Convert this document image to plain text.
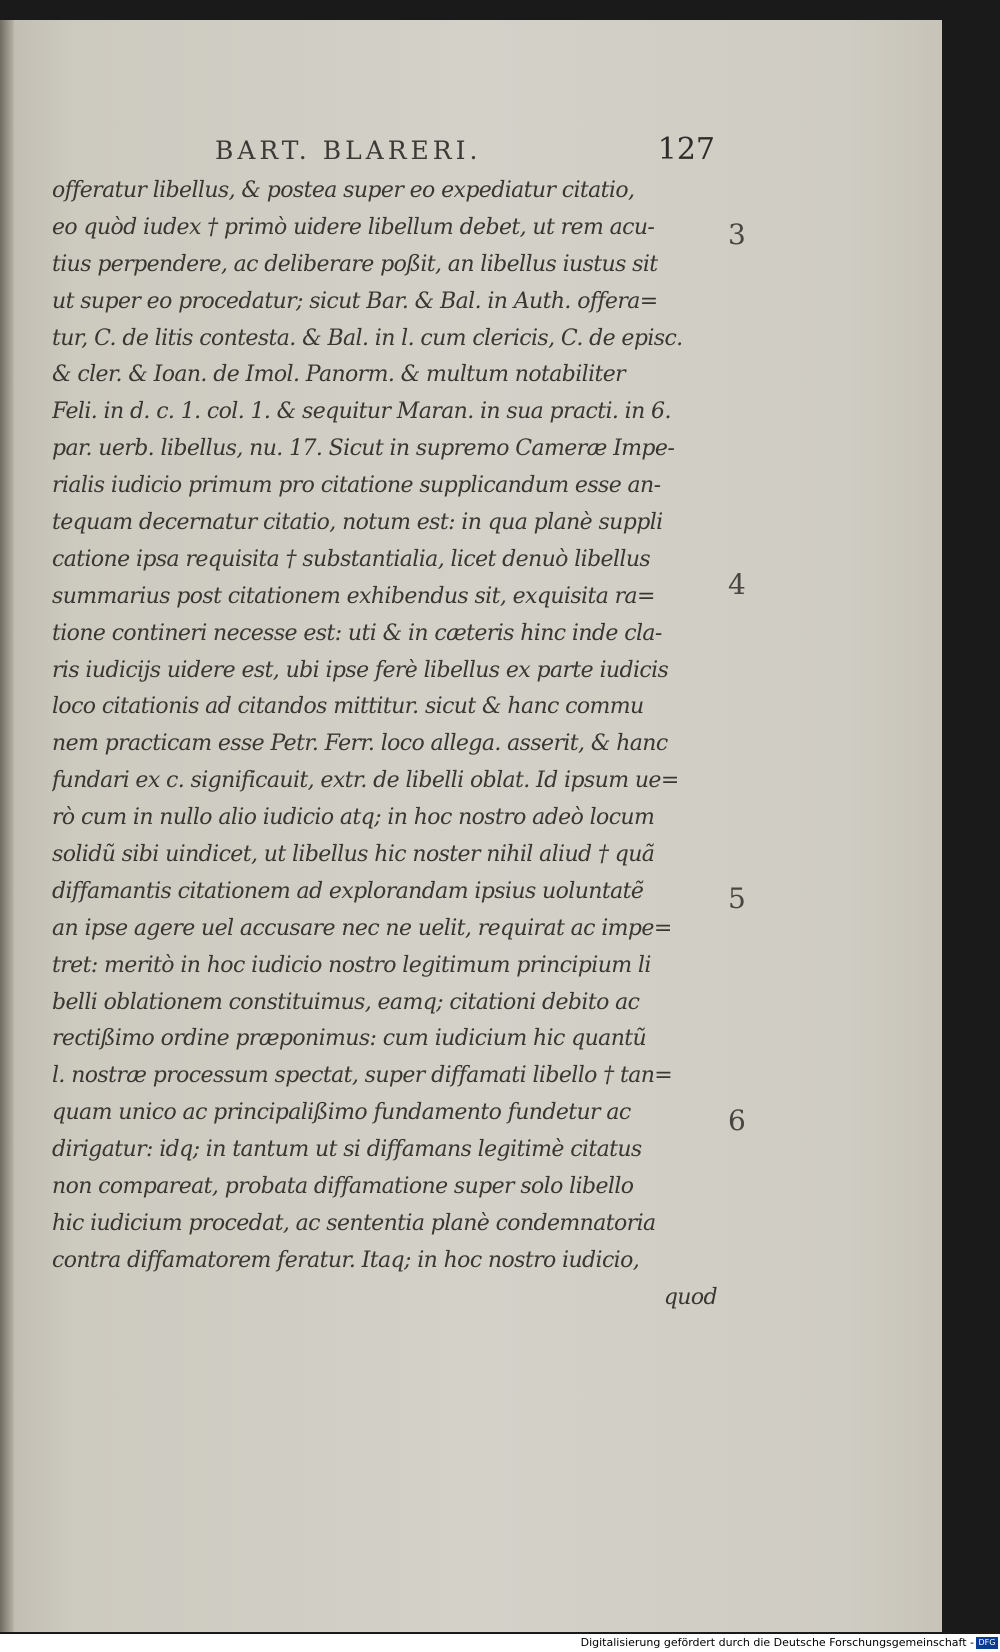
BART. BLARERI.	127
offeratur libellus, & postea super eo expediatur citatio,
eo quòd iudex † primò uidere libellum debet, ut rem acu-
tius perpendere, ac deliberare poßit, an libellus iustus sit
ut super eo procedatur; sicut Bar. & Bal. in Auth. offera=
tur, C. de litis contesta. & Bal. in l. cum clericis, C. de episc.
& cler. & Ioan. de Imol. Panorm. & multum notabiliter
Feli. in d. c. 1. col. 1. & sequitur Maran. in sua practi. in 6.
par. uerb. libellus, nu. 17. Sicut in supremo Cameræ Impe-
rialis iudicio primum pro citatione supplicandum esse an-
tequam decernatur citatio, notum est: in qua planè suppli
catione ipsa requisita † substantialia, licet denuò libellus
summarius post citationem exhibendus sit, exquisita ra=
tione contineri necesse est: uti & in cæteris hinc inde cla-
ris iudicijs uidere est, ubi ipse ferè libellus ex parte iudicis
loco citationis ad citandos mittitur. sicut & hanc commu
nem practicam esse Petr. Ferr. loco allega. asserit, & hanc
fundari ex c. significauit, extr. de libelli oblat. Id ipsum ue=
rò cum in nullo alio iudicio atq; in hoc nostro adeò locum
solidũ sibi uindicet, ut libellus hic noster nihil aliud † quã
diffamantis citationem ad explorandam ipsius uoluntatẽ
an ipse agere uel accusare nec ne uelit, requirat ac impe=
tret: meritò in hoc iudicio nostro legitimum principium li
belli oblationem constituimus, eamq; citationi debito ac
rectißimo ordine præponimus: cum iudicium hic quantũ
l. nostræ processum spectat, super diffamati libello † tan=
quam unico ac principalißimo fundamento fundetur ac
dirigatur: idq; in tantum ut si diffamans legitimè citatus
non compareat, probata diffamatione super solo libello
hic iudicium procedat, ac sententia planè condemnatoria
contra diffamatorem feratur. Itaq; in hoc nostro iudicio,
quod
3
4
5
6
Digitalisierung gefördert durch die Deutsche Forschungsgemeinschaft - DFG
